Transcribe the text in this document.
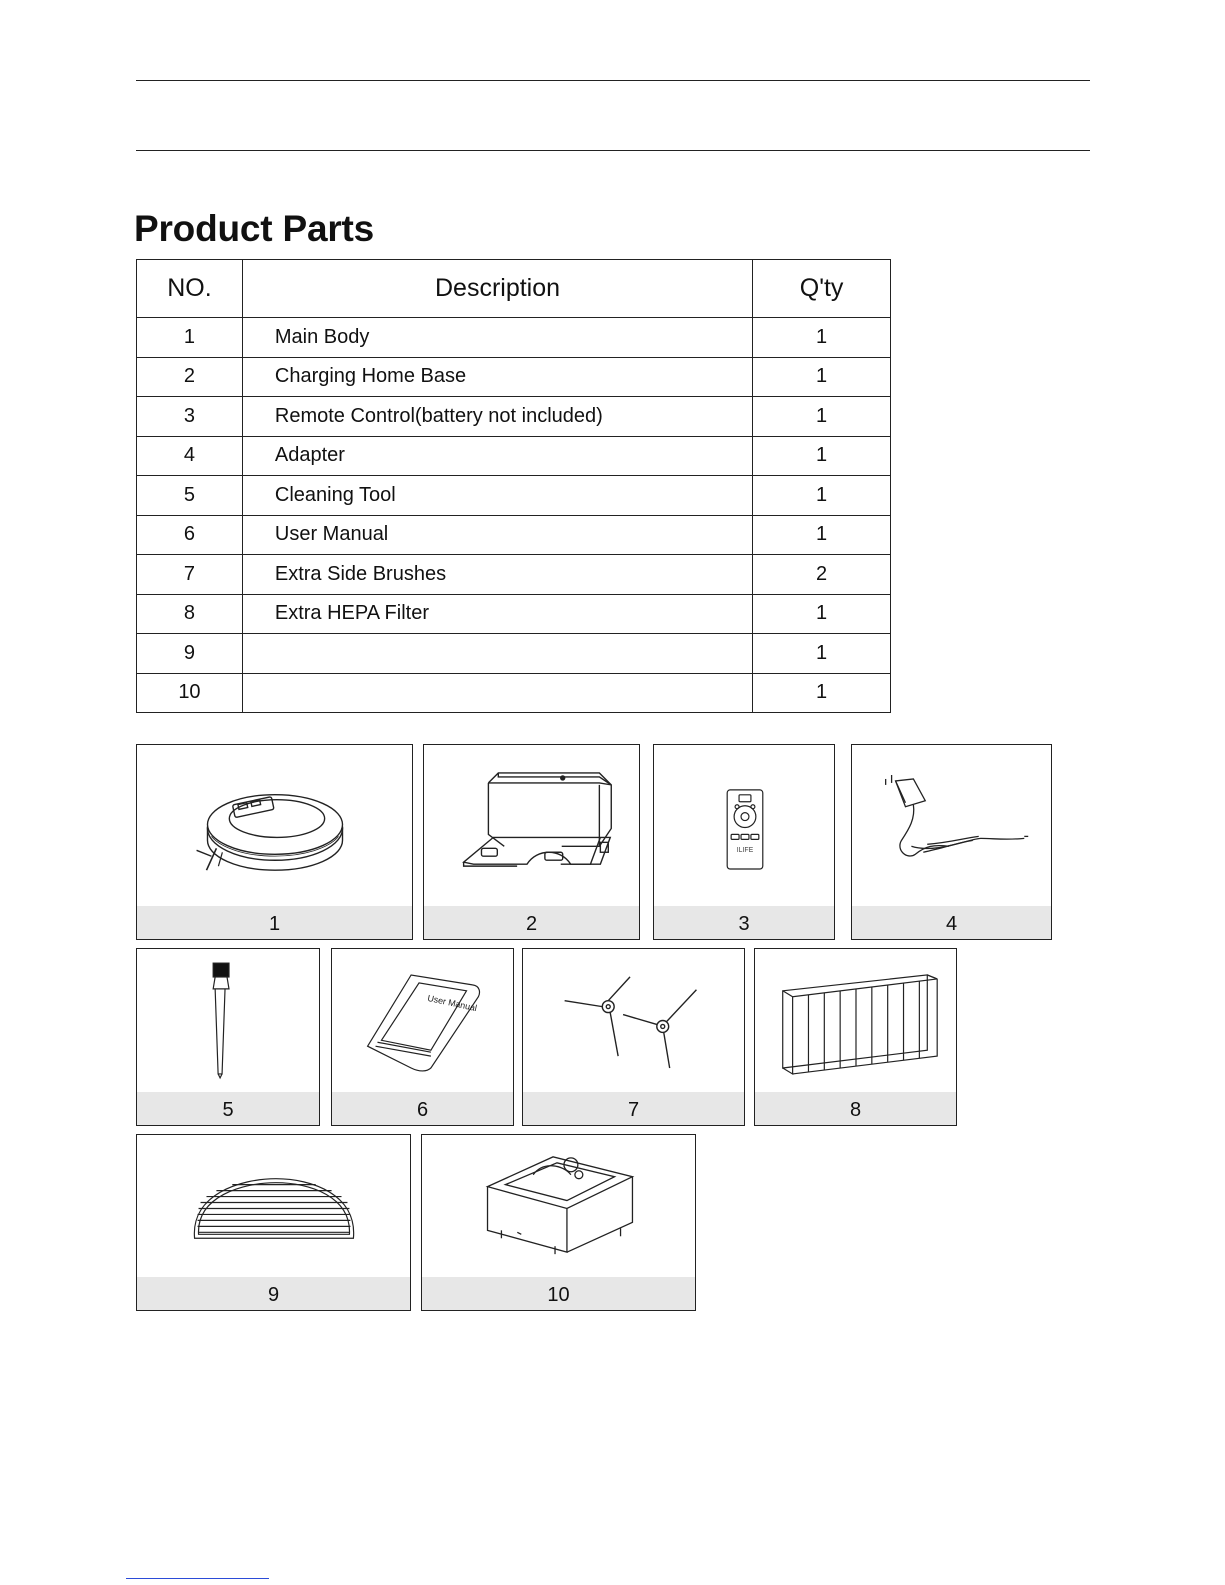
Product Parts
NO.	Description	Q'ty
1	Main Body	1
2	Charging Home Base	1
3	Remote Control(battery not included)	1
4	Adapter	1
5	Cleaning Tool	1
6	User Manual	1
7	Extra Side Brushes	2
8	Extra HEPA Filter	1
9		1
10		1
1	2
ILIFE
3	4
5
User Manual
6	7	8
9	10
